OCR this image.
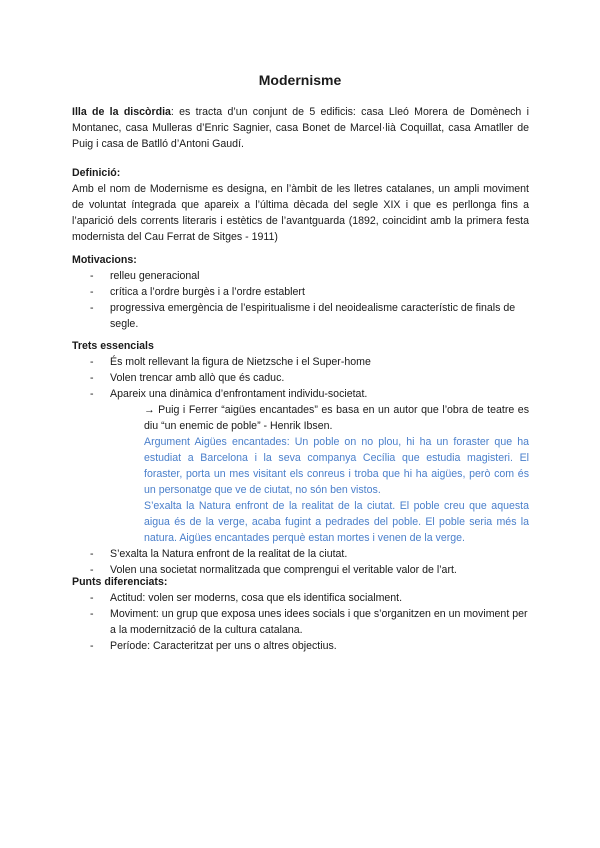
Modernisme
Illa de la discòrdia: es tracta d’un conjunt de 5 edificis: casa Lleó Morera de Domènech i Montanec, casa Mulleras d’Enric Sagnier, casa Bonet de Marcel·lià Coquillat, casa Amatller de Puig i casa de Batlló d’Antoni Gaudí.

Definició:

Amb el nom de Modernisme es designa, en l’àmbit de les lletres catalanes, un ampli moviment de voluntat íntegrada que apareix a l’última dècada del segle XIX i que es perllonga fins a l’aparició dels corrents literaris i estètics de l’avantguarda (1892, coincidint amb la primera festa modernista del Cau Ferrat de Sitges - 1911)

Motivacions:

- relleu generacional
- crítica a l’ordre burgès i a l’ordre establert
- progressiva emergència de l’espiritualisme i del neoidealisme característic de finals de segle.

Trets essencials

- És molt rellevant la figura de Nietzsche i el Super-home
- Volen trencar amb allò que és caduc.
- Apareix una dinàmica d’enfrontament individu-societat.

→ Puig i Ferrer “aigües encantades” es basa en un autor que l’obra de teatre es diu “un enemic de poble” - Henrik Ibsen.

Argument Aigües encantades: Un poble on no plou, hi ha un foraster que ha estudiat a Barcelona i la seva companya Cecília que estudia magisteri. El foraster, porta un mes visitant els conreus i troba que hi ha aigües, però com és un personatge que ve de ciutat, no són ben vistos.

S’exalta la Natura enfront de la realitat de la ciutat. El poble creu que aquesta aigua és de la verge, acaba fugint a pedrades del poble. El poble seria més la natura. Aigües encantades perquè estan mortes i venen de la verge.

- S’exalta la Natura enfront de la realitat de la ciutat.
- Volen una societat normalitzada que comprengui el veritable valor de l’art.

Punts diferenciats:

- Actitud: volen ser moderns, cosa que els identifica socialment.
- Moviment: un grup que exposa unes idees socials i que s’organitzen en un moviment per a la modernització de la cultura catalana.
- Període: Caracteritzat per uns o altres objectius.
